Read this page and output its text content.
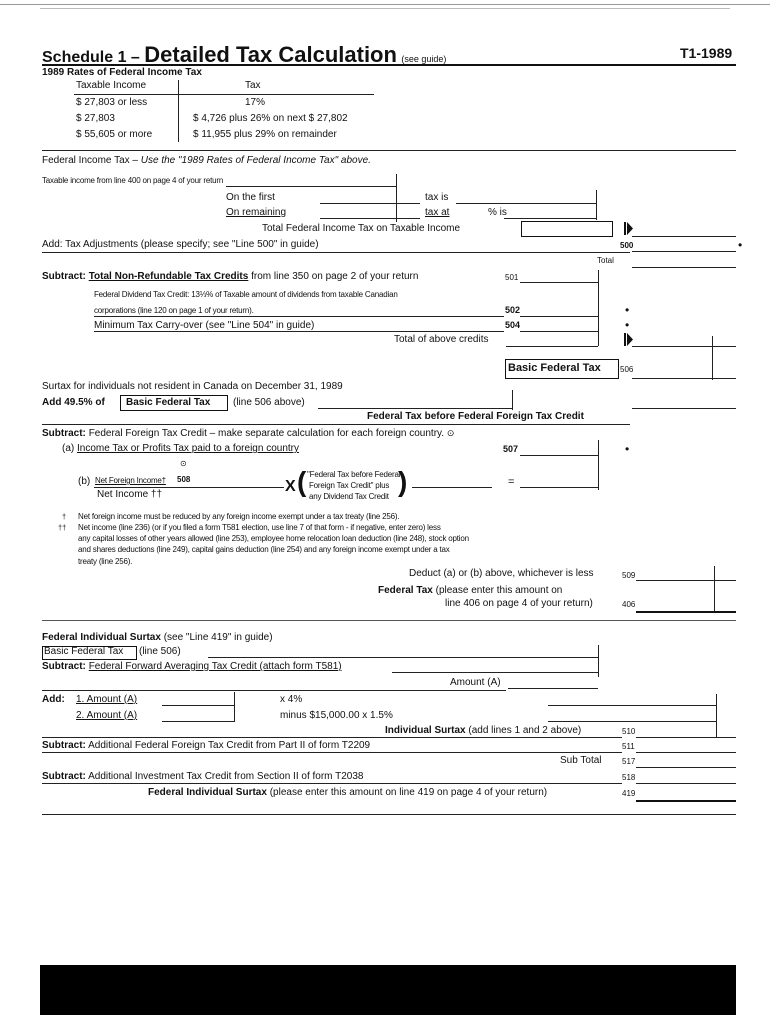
Schedule 1 – Detailed Tax Calculation (see guide)	T1-1989
1989 Rates of Federal Income Tax
Taxable Income	Tax
$ 27,803 or less	17%
$ 27,803	$ 4,726 plus 26% on next $ 27,802
$ 55,605 or more	$ 11,955 plus 29% on remainder
Federal Income Tax – Use the "1989 Rates of Federal Income Tax" above.
Taxable income from line 400 on page 4 of your return
On the first	tax is
On remaining	tax at	% is
Total Federal Income Tax on Taxable Income
Add: Tax Adjustments (please specify; see "Line 500" in guide)	500	•
Total
Subtract: Total Non-Refundable Tax Credits from line 350 on page 2 of your return	501
Federal Dividend Tax Credit: 13⅓% of Taxable amount of dividends from taxable Canadian
corporations (line 120 on page 1 of your return).	502	•
Minimum Tax Carry-over (see "Line 504" in guide)	504	•
Total of above credits
Basic Federal Tax 506
Surtax for individuals not resident in Canada on December 31, 1989
Add 49.5% of Basic Federal Tax (line 506 above)
Federal Tax before Federal Foreign Tax Credit
Subtract: Federal Foreign Tax Credit – make separate calculation for each foreign country. ⊙
(a) Income Tax or Profits Tax paid to a foreign country	507	•
⊙
(b) Net Foreign Income† 508
Net Income ††	X ( "Federal Tax before Federal
Foreign Tax Credit" plus
any Dividend Tax Credit )	=
† Net foreign income must be reduced by any foreign income exempt under a tax treaty (line 256).
†† Net income (line 236) (or if you filed a form T581 election, use line 7 of that form - if negative, enter zero) less
any capital losses of other years allowed (line 253), employee home relocation loan deduction (line 248), stock option
and shares deductions (line 249), capital gains deduction (line 254) and any foreign income exempt under a tax
treaty (line 256).
Deduct (a) or (b) above, whichever is less	509
Federal Tax (please enter this amount on
line 406 on page 4 of your return)	406
Federal Individual Surtax (see "Line 419" in guide)
Basic Federal Tax (line 506)
Subtract: Federal Forward Averaging Tax Credit (attach form T581)
Amount (A)
Add: 1. Amount (A)	x 4%
2. Amount (A)	minus $15,000.00 x 1.5%
Individual Surtax (add lines 1 and 2 above)	510
Subtract: Additional Federal Foreign Tax Credit from Part II of form T2209	511
Sub Total	517
Subtract: Additional Investment Tax Credit from Section II of form T2038	518
Federal Individual Surtax (please enter this amount on line 419 on page 4 of your return)	419
